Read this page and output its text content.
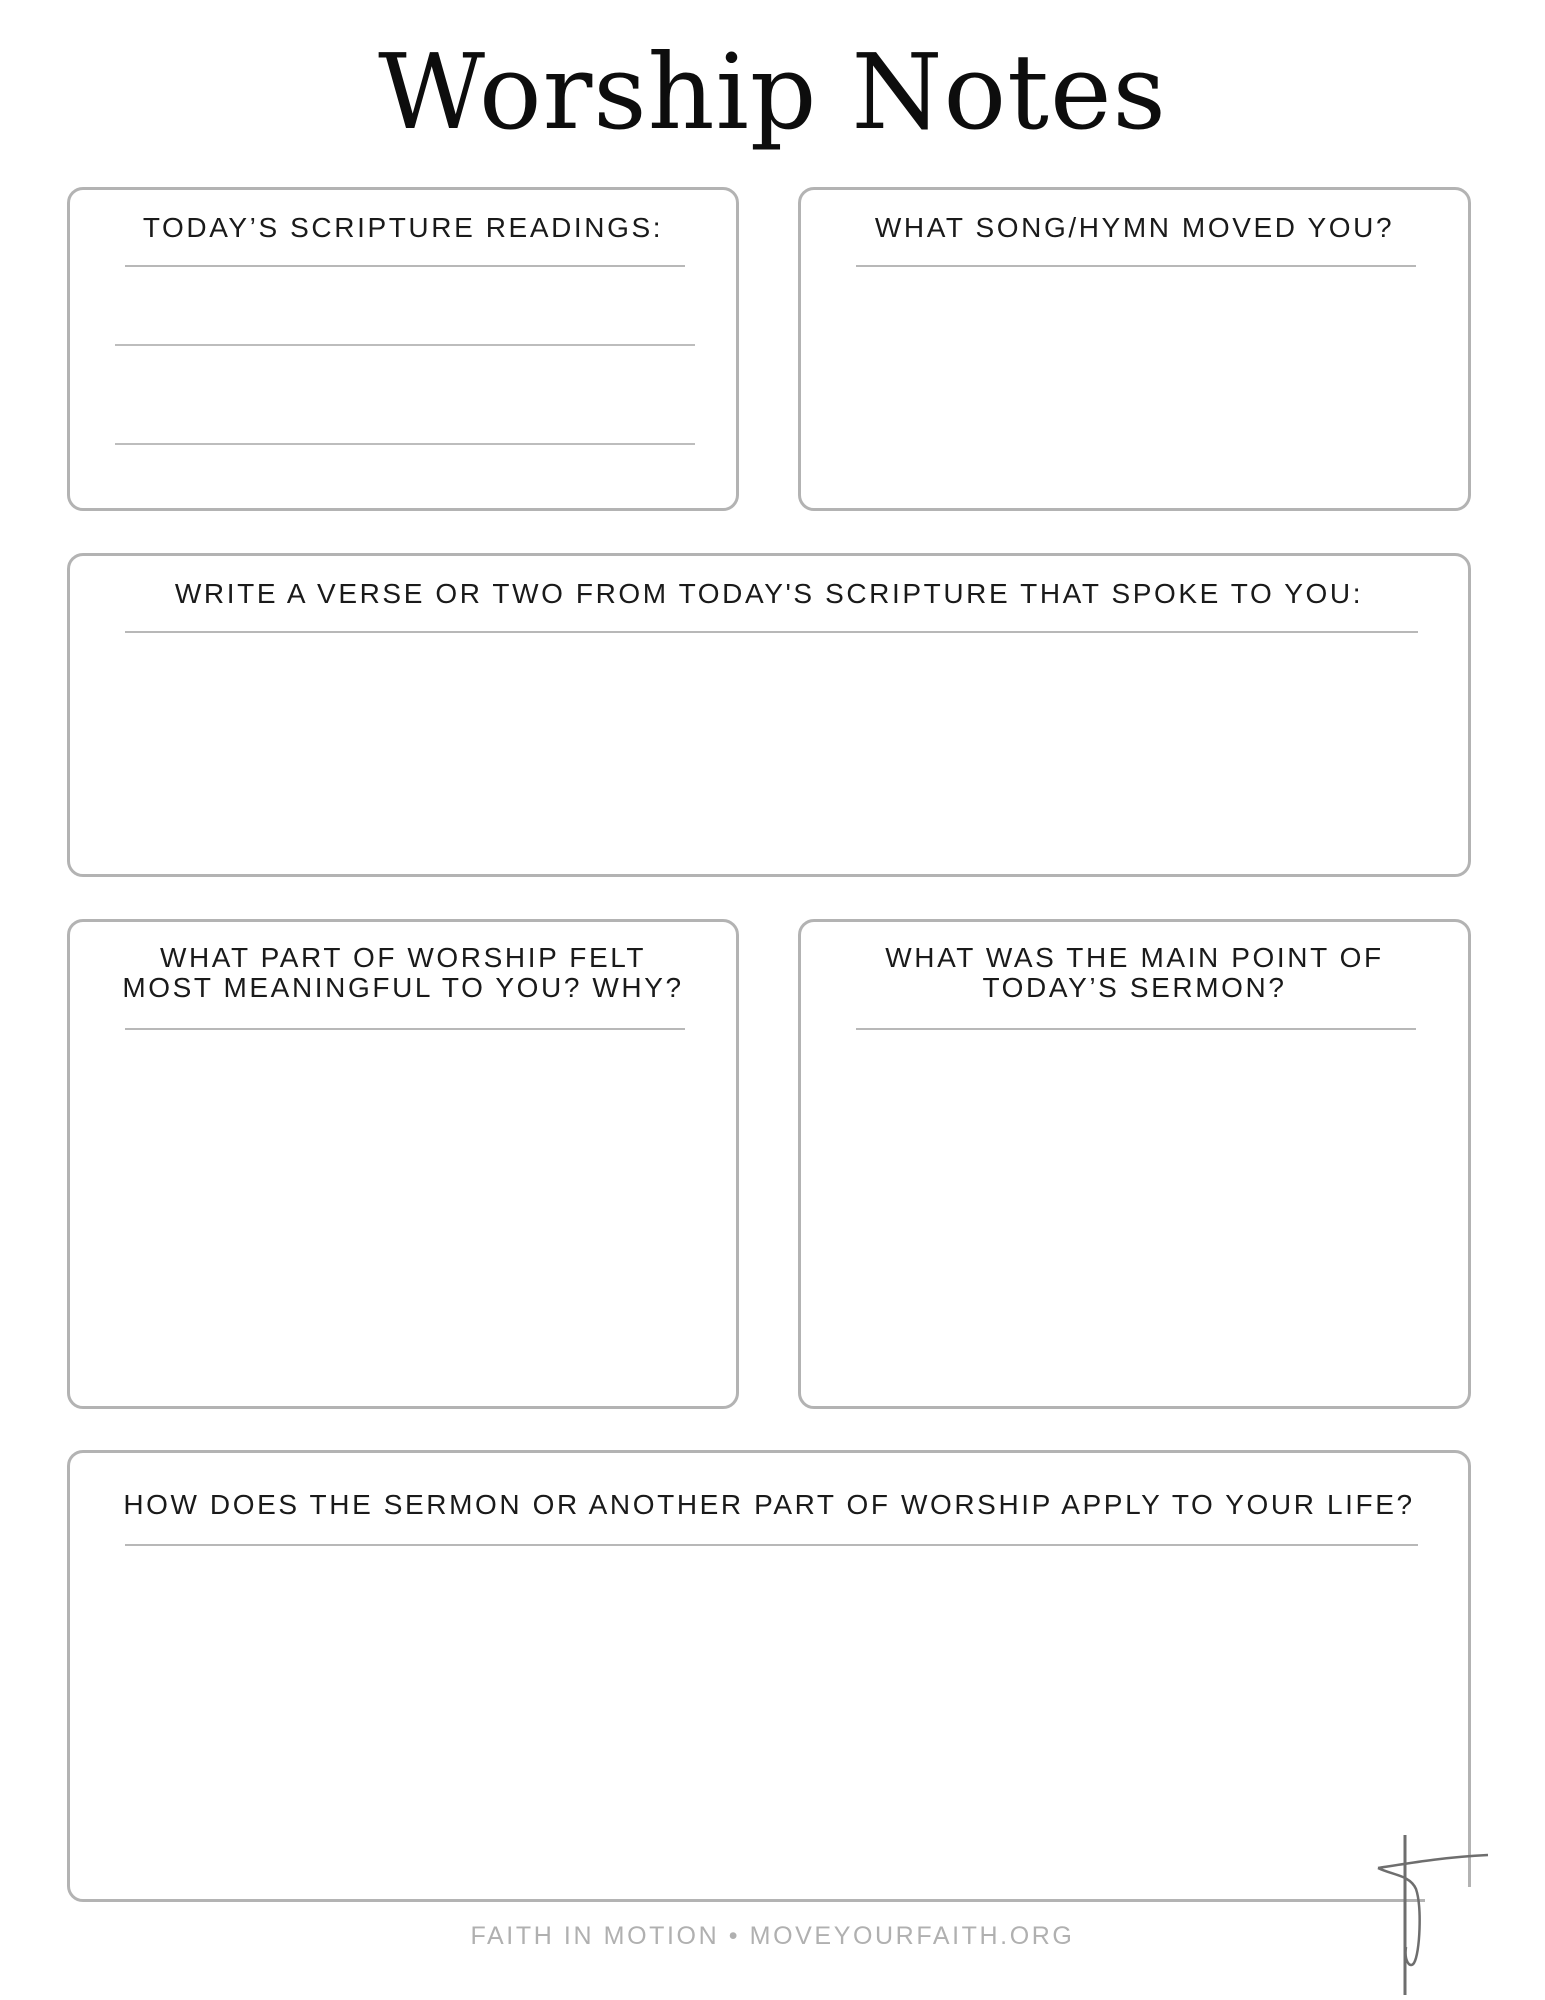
Worship Notes
TODAY’S SCRIPTURE READINGS:	WHAT SONG/HYMN MOVED YOU?
WRITE A VERSE OR TWO FROM TODAY'S SCRIPTURE THAT SPOKE TO YOU:
WHAT PART OF WORSHIP FELT
MOST MEANINGFUL TO YOU? WHY?
WHAT WAS THE MAIN POINT OF
TODAY’S SERMON?
HOW DOES THE SERMON OR ANOTHER PART OF WORSHIP APPLY TO YOUR LIFE?
FAITH IN MOTION • MOVEYOURFAITH.ORG
